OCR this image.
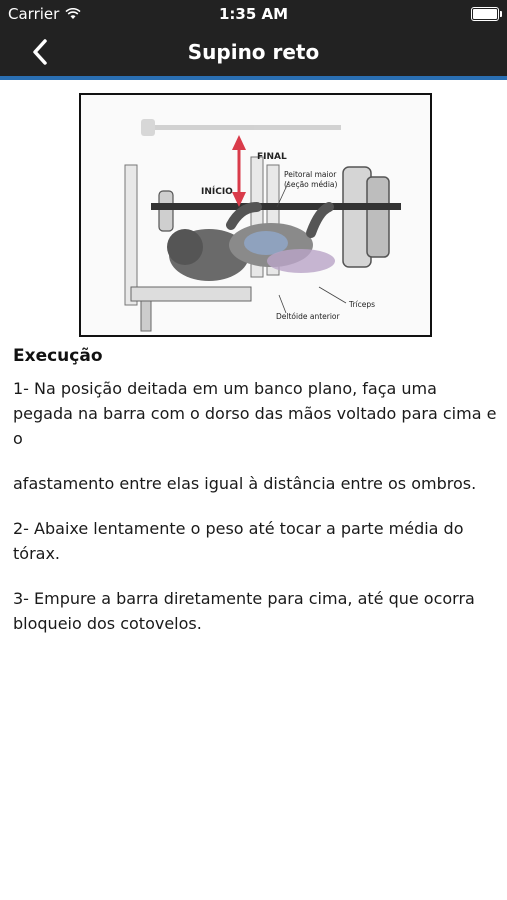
Carrier	1:35 AM
Supino reto
FINAL
INÍCIO
Peitoral maior
(seção média)
Tríceps
Deltóide anterior
Execução

1- Na posição deitada em um banco plano, faça uma pegada na barra com o dorso das mãos voltado para cima e o

afastamento entre elas igual à distância entre os ombros.

2- Abaixe lentamente o peso até tocar a parte média do tórax.

3- Empure a barra diretamente para cima, até que ocorra bloqueio dos cotovelos.
